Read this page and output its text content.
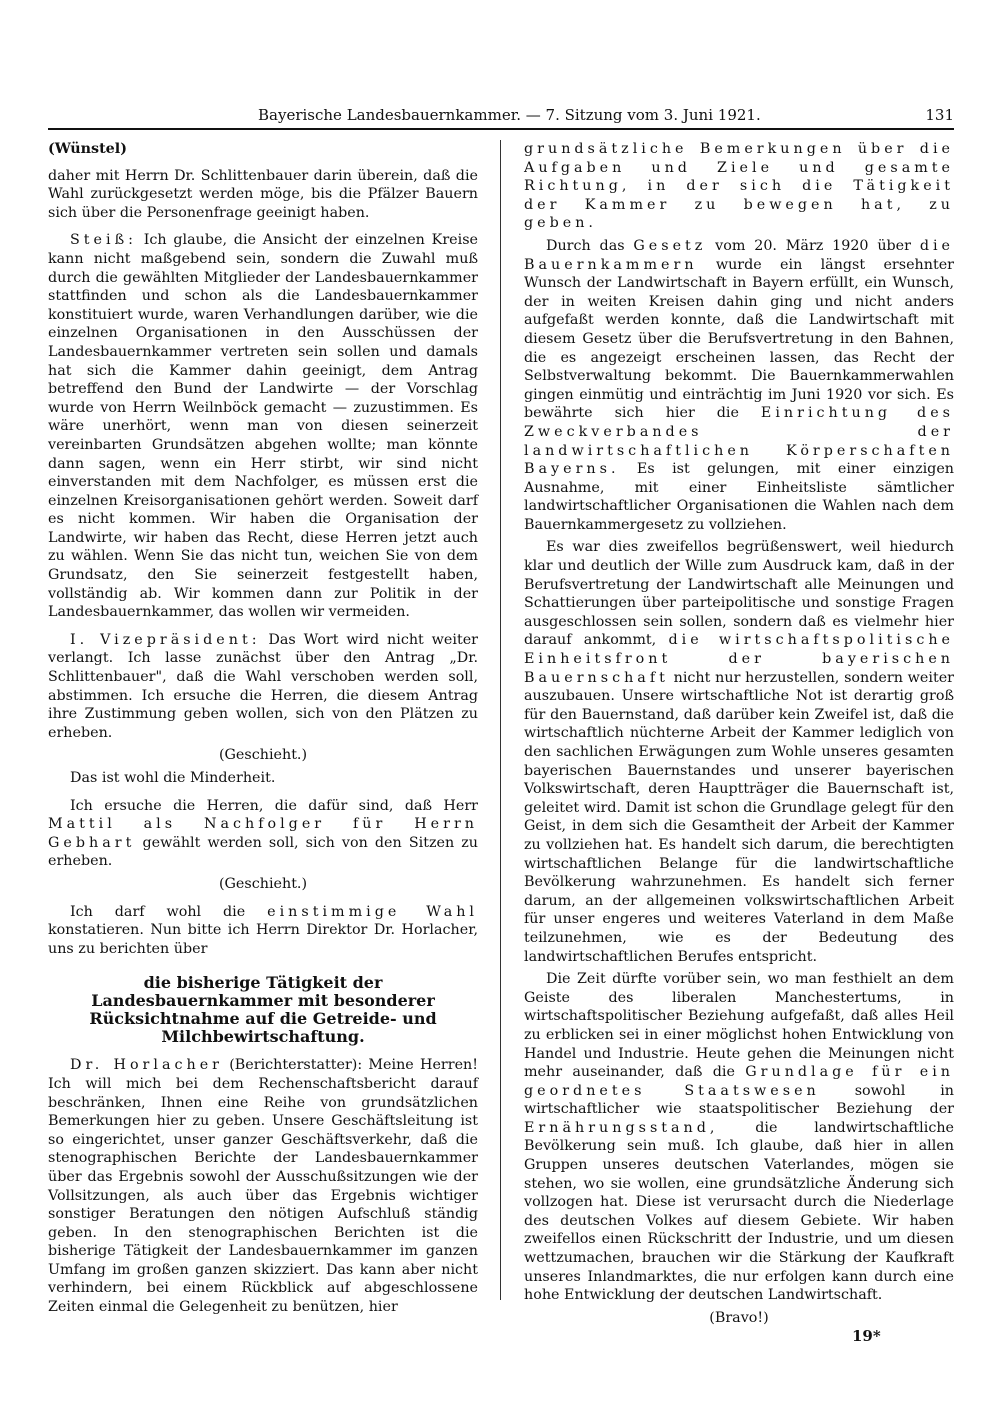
Bayerische Landesbauernkammer. — 7. Sitzung vom 3. Juni 1921.	131

(Wünstel)

daher mit Herrn Dr. Schlittenbauer darin überein, daß die Wahl zurückgesetzt werden möge, bis die Pfälzer Bauern sich über die Personenfrage geeinigt haben.

Steiß: Ich glaube, die Ansicht der einzelnen Kreise kann nicht maßgebend sein, sondern die Zuwahl muß durch die gewählten Mitglieder der Landesbauernkammer stattfinden und schon als die Landesbauernkammer konstituiert wurde, waren Verhandlungen darüber, wie die einzelnen Organisationen in den Ausschüssen der Landesbauernkammer vertreten sein sollen und damals hat sich die Kammer dahin geeinigt, dem Antrag betreffend den Bund der Landwirte — der Vorschlag wurde von Herrn Weilnböck gemacht — zuzustimmen. Es wäre unerhört, wenn man von diesen seinerzeit vereinbarten Grundsätzen abgehen wollte; man könnte dann sagen, wenn ein Herr stirbt, wir sind nicht einverstanden mit dem Nachfolger, es müssen erst die einzelnen Kreisorganisationen gehört werden. Soweit darf es nicht kommen. Wir haben die Organisation der Landwirte, wir haben das Recht, diese Herren jetzt auch zu wählen. Wenn Sie das nicht tun, weichen Sie von dem Grundsatz, den Sie seinerzeit festgestellt haben, vollständig ab. Wir kommen dann zur Politik in der Landesbauernkammer, das wollen wir vermeiden.

I. Vizepräsident: Das Wort wird nicht weiter verlangt. Ich lasse zunächst über den Antrag „Dr. Schlittenbauer", daß die Wahl verschoben werden soll, abstimmen. Ich ersuche die Herren, die diesem Antrag ihre Zustimmung geben wollen, sich von den Plätzen zu erheben.

(Geschieht.)

Das ist wohl die Minderheit.

Ich ersuche die Herren, die dafür sind, daß Herr Mattil als Nachfolger für Herrn Gebhart gewählt werden soll, sich von den Sitzen zu erheben.

(Geschieht.)

Ich darf wohl die einstimmige Wahl konstatieren. Nun bitte ich Herrn Direktor Dr. Horlacher, uns zu berichten über

die bisherige Tätigkeit der Landesbauernkammer mit besonderer Rücksichtnahme auf die Getreide- und Milchbewirtschaftung.

Dr. Horlacher (Berichterstatter): Meine Herren! Ich will mich bei dem Rechenschaftsbericht darauf beschränken, Ihnen eine Reihe von grundsätzlichen Bemerkungen hier zu geben. Unsere Geschäftsleitung ist so eingerichtet, unser ganzer Geschäftsverkehr, daß die stenographischen Berichte der Landesbauernkammer über das Ergebnis sowohl der Ausschußsitzungen wie der Vollsitzungen, als auch über das Ergebnis wichtiger sonstiger Beratungen den nötigen Aufschluß ständig geben. In den stenographischen Berichten ist die bisherige Tätigkeit der Landesbauernkammer im ganzen Umfang im großen ganzen skizziert. Das kann aber nicht verhindern, bei einem Rückblick auf abgeschlossene Zeiten einmal die Gelegenheit zu benützen, hier

grundsätzliche Bemerkungen über die Aufgaben und Ziele und gesamte Richtung, in der sich die Tätigkeit der Kammer zu bewegen hat, zu geben.

Durch das Gesetz vom 20. März 1920 über die Bauernkammern wurde ein längst ersehnter Wunsch der Landwirtschaft in Bayern erfüllt, ein Wunsch, der in weiten Kreisen dahin ging und nicht anders aufgefaßt werden konnte, daß die Landwirtschaft mit diesem Gesetz über die Berufsvertretung in den Bahnen, die es angezeigt erscheinen lassen, das Recht der Selbstverwaltung bekommt. Die Bauernkammerwahlen gingen einmütig und einträchtig im Juni 1920 vor sich. Es bewährte sich hier die Einrichtung des Zweckverbandes der landwirtschaftlichen Körperschaften Bayerns. Es ist gelungen, mit einer einzigen Ausnahme, mit einer Einheitsliste sämtlicher landwirtschaftlicher Organisationen die Wahlen nach dem Bauernkammergesetz zu vollziehen.

Es war dies zweifellos begrüßenswert, weil hiedurch klar und deutlich der Wille zum Ausdruck kam, daß in der Berufsvertretung der Landwirtschaft alle Meinungen und Schattierungen über parteipolitische und sonstige Fragen ausgeschlossen sein sollen, sondern daß es vielmehr hier darauf ankommt, die wirtschaftspolitische Einheitsfront der bayerischen Bauernschaft nicht nur herzustellen, sondern weiter auszubauen. Unsere wirtschaftliche Not ist derartig groß für den Bauernstand, daß darüber kein Zweifel ist, daß die wirtschaftlich nüchterne Arbeit der Kammer lediglich von den sachlichen Erwägungen zum Wohle unseres gesamten bayerischen Bauernstandes und unserer bayerischen Volkswirtschaft, deren Hauptträger die Bauernschaft ist, geleitet wird. Damit ist schon die Grundlage gelegt für den Geist, in dem sich die Gesamtheit der Arbeit der Kammer zu vollziehen hat. Es handelt sich darum, die berechtigten wirtschaftlichen Belange für die landwirtschaftliche Bevölkerung wahrzunehmen. Es handelt sich ferner darum, an der allgemeinen volkswirtschaftlichen Arbeit für unser engeres und weiteres Vaterland in dem Maße teilzunehmen, wie es der Bedeutung des landwirtschaftlichen Berufes entspricht.

Die Zeit dürfte vorüber sein, wo man festhielt an dem Geiste des liberalen Manchestertums, in wirtschaftspolitischer Beziehung aufgefaßt, daß alles Heil zu erblicken sei in einer möglichst hohen Entwicklung von Handel und Industrie. Heute gehen die Meinungen nicht mehr auseinander, daß die Grundlage für ein geordnetes Staatswesen sowohl in wirtschaftlicher wie staatspolitischer Beziehung der Ernährungsstand, die landwirtschaftliche Bevölkerung sein muß. Ich glaube, daß hier in allen Gruppen unseres deutschen Vaterlandes, mögen sie stehen, wo sie wollen, eine grundsätzliche Änderung sich vollzogen hat. Diese ist verursacht durch die Niederlage des deutschen Volkes auf diesem Gebiete. Wir haben zweifellos einen Rückschritt der Industrie, und um diesen wettzumachen, brauchen wir die Stärkung der Kaufkraft unseres Inlandmarktes, die nur erfolgen kann durch eine hohe Entwicklung der deutschen Landwirtschaft.

(Bravo!)

19*
